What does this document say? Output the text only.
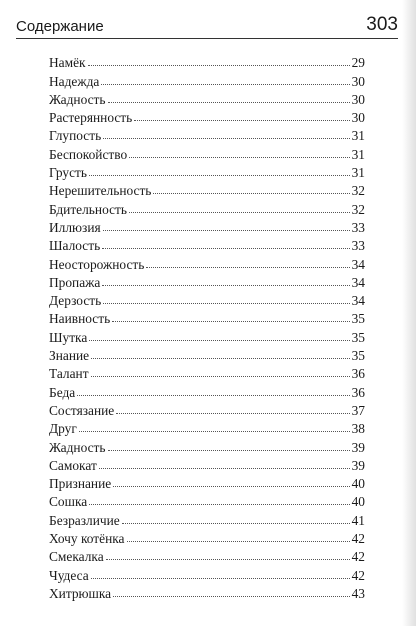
Содержание	303
Намёк	29
Надежда	30
Жадность	30
Растерянность	30
Глупость	31
Беспокойство	31
Грусть	31
Нерешительность	32
Бдительность	32
Иллюзия	33
Шалость	33
Неосторожность	34
Пропажа	34
Дерзость	34
Наивность	35
Шутка	35
Знание	35
Талант	36
Беда	36
Состязание	37
Друг	38
Жадность	39
Самокат	39
Признание	40
Сошка	40
Безразличие	41
Хочу котёнка	42
Смекалка	42
Чудеса	42
Хитрюшка	43
